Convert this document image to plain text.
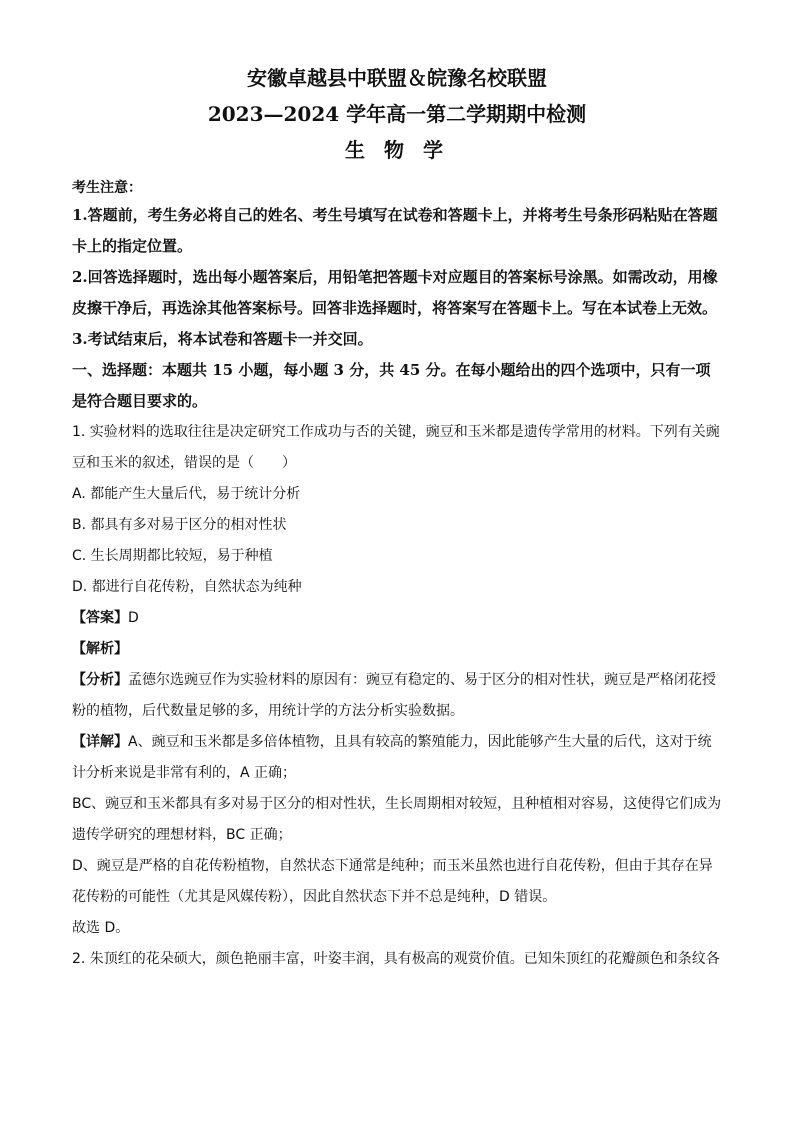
安徽卓越县中联盟＆皖豫名校联盟

2023—2024 学年高一第二学期期中检测

生 物 学

考生注意：

1.答题前，考生务必将自己的姓名、考生号填写在试卷和答题卡上，并将考生号条形码粘贴在答题卡上的指定位置。

2.回答选择题时，选出每小题答案后，用铅笔把答题卡对应题目的答案标号涂黑。如需改动，用橡皮擦干净后，再选涂其他答案标号。回答非选择题时，将答案写在答题卡上。写在本试卷上无效。

3.考试结束后，将本试卷和答题卡一并交回。

一、选择题：本题共 15 小题，每小题 3 分，共 45 分。在每小题给出的四个选项中，只有一项是符合题目要求的。

1. 实验材料的选取往往是决定研究工作成功与否的关键，豌豆和玉米都是遗传学常用的材料。下列有关豌豆和玉米的叙述，错误的是（　　）

A. 都能产生大量后代，易于统计分析

B. 都具有多对易于区分的相对性状

C. 生长周期都比较短，易于种植

D. 都进行自花传粉，自然状态为纯种

【答案】D

【解析】

【分析】孟德尔选豌豆作为实验材料的原因有：豌豆有稳定的、易于区分的相对性状，豌豆是严格闭花授粉的植物，后代数量足够的多，用统计学的方法分析实验数据。

【详解】A、豌豆和玉米都是多倍体植物，且具有较高的繁殖能力，因此能够产生大量的后代，这对于统计分析来说是非常有利的，A 正确；

BC、豌豆和玉米都具有多对易于区分的相对性状，生长周期相对较短，且种植相对容易，这使得它们成为遗传学研究的理想材料，BC 正确；

D、豌豆是严格的自花传粉植物，自然状态下通常是纯种；而玉米虽然也进行自花传粉，但由于其存在异花传粉的可能性（尤其是风媒传粉），因此自然状态下并不总是纯种，D 错误。

故选 D。

2. 朱顶红的花朵硕大，颜色艳丽丰富，叶姿丰润，具有极高的观赏价值。已知朱顶红的花瓣颜色和条纹各
